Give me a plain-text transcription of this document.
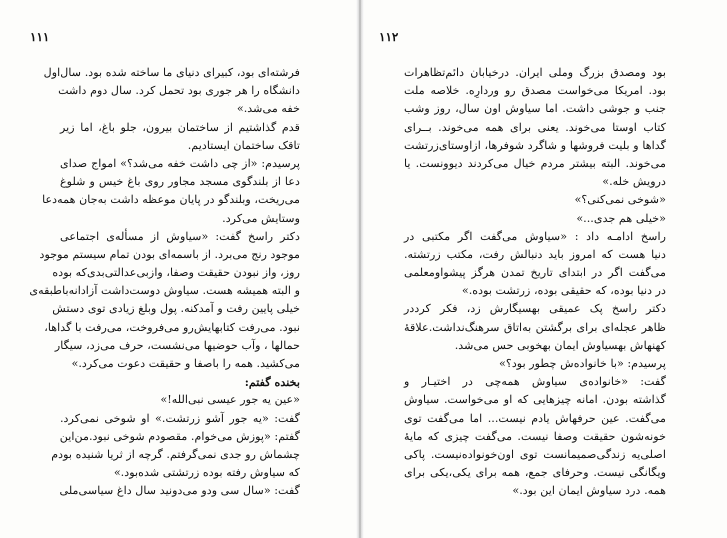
۱۱۱
فرشته‌ای بود، کبیرای دنیای ما ساخته شده بود. سال‌اول
دانشگاه را هر جوری بود تحمل کرد. سال دوم داشت
خفه می‌شد.»
قدم گذاشتیم از ساختمان بیرون، جلو باغ، اما زیر
تاقک ساختمان ایستادیم.
پرسیدم: «از چی داشت خفه می‌شد؟» امواج صدای
دعا از بلندگوی مسجد مجاور روی باغ خیس و شلوغ
می‌ریخت، وبلندگو در پایان موعظه داشت به‌جان همه‌دعا
وستایش می‌کرد.
دکتر راسخ گفت: «سیاوش از مسأله‌ی اجتماعی
موجود رنج می‌برد. از باسمه‌ای بودن تمام سیستم موجود
روز، واز نبودن حقیقت وصفا، وازبی‌عدالتی‌بدی‌که بوده
و البته همیشه هست. سیاوش دوست‌داشت آزادانه‌باطبقه‌ی
خیلی پایین رفت و آمدکنه. پول وبلغ زیادی توی دستش
نبود. می‌رفت کتابهایش‌رو می‌فروخت، می‌رفت با گداها،
حمالها ، وآب حوضیها می‌نشست، حرف می‌زد، سیگار
می‌کشید. همه را باصفا و حقیقت دعوت می‌کرد.»
بخنده گفتم:
«عین یه جور عیسی نبی‌الله!»
گفت: «یه جور آشو زرتشت.» او شوخی نمی‌کرد.
گفتم: «پوزش می‌خوام. مقصودم شوخی نبود.من‌این
چشماش رو جدی نمی‌گرفتم. گرچه از ثریا شنیده بودم
که سیاوش رفته بوده زرتشتی شده‌بود.»
گفت: «سال سی ودو می‌دونید سال داغ سیاسی‌ملی
۱۱۲
بود ومصدق بزرگ وملی ایران. درخیابان دائم‌تظاهرات
بود. امریکا می‌خواست مصدق رو وردارِه. خلاصه ملت
جنب و جوشی داشت. اما سیاوش اون سال، روز وشب
کتاب اوستا می‌خوند. یعنی برای همه می‌خوند. بــرای
گداها و بلیت فروشها و شاگرد شوفرها، ازاوستای‌زرتشت
می‌خوند. البته بیشتر مردم خیال می‌کردند دیوونست. یا
درویش خله.»
«شوخی نمی‌کنی؟»
«خیلی هم جدی...»
راسخ ادامـه داد : «سیاوش می‌گفت اگر مکتبی در
دنیا هست که امروز باید دنبالش رفت، مکتب زرتشته.
می‌گفت اگر در ابتدای تاریخ تمدن هرگز پیشوا‌ومعلمی
در دنیا بوده، که حقیقی بوده، زرتشت بوده.»
دکتر راسخ پک عمیقی بهسیگارش زد، فکر کرددر
ظاهر عجله‌ای برای برگشتن به‌اتاق سرهنگ‌نداشت.علاقهٔ
کهنهاش بهسیاوش ایمان بهخوبی حس می‌شد.
پرسیدم: «با خانواده‌ش چطور بود؟»
گفت: «خانواده‌ی سیاوش همه‌چی در اختیـار و
گذاشته بودن. امانه چیزهایی که او می‌خواست. سیاوش
می‌گفت. عین حرفهاش یادم نیست... اما می‌گفت توی
خونه‌شون حقیقت وصفا نیست. می‌گفت چیزی که مایهٔ
اصلی‌یه زندگی‌صمیمانست توی اون‌خونواده‌نیست. پاکی
ویگانگی نیست. وحرفای جمع، همه برای یکی،یکی برای
همه. درد سیاوش ایمان این بود.»
